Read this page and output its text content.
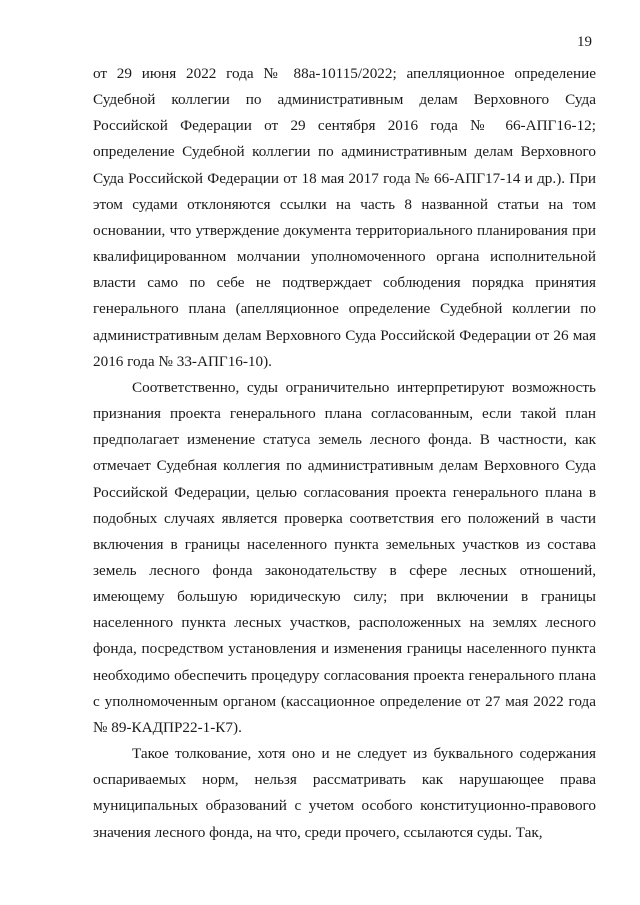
19

от 29 июня 2022 года № 88а-10115/2022; апелляционное определение Судебной коллегии по административным делам Верховного Суда Российской Федерации от 29 сентября 2016 года № 66-АПГ16-12; определение Судебной коллегии по административным делам Верховного Суда Российской Федерации от 18 мая 2017 года № 66-АПГ17-14 и др.). При этом судами отклоняются ссылки на часть 8 названной статьи на том основании, что утверждение документа территориального планирования при квалифицированном молчании уполномоченного органа исполнительной власти само по себе не подтверждает соблюдения порядка принятия генерального плана (апелляционное определение Судебной коллегии по административным делам Верховного Суда Российской Федерации от 26 мая 2016 года № 33-АПГ16-10).

Соответственно, суды ограничительно интерпретируют возможность признания проекта генерального плана согласованным, если такой план предполагает изменение статуса земель лесного фонда. В частности, как отмечает Судебная коллегия по административным делам Верховного Суда Российской Федерации, целью согласования проекта генерального плана в подобных случаях является проверка соответствия его положений в части включения в границы населенного пункта земельных участков из состава земель лесного фонда законодательству в сфере лесных отношений, имеющему большую юридическую силу; при включении в границы населенного пункта лесных участков, расположенных на землях лесного фонда, посредством установления и изменения границы населенного пункта необходимо обеспечить процедуру согласования проекта генерального плана с уполномоченным органом (кассационное определение от 27 мая 2022 года № 89-КАДПР22-1-К7).

Такое толкование, хотя оно и не следует из буквального содержания оспариваемых норм, нельзя рассматривать как нарушающее права муниципальных образований с учетом особого конституционно-правового значения лесного фонда, на что, среди прочего, ссылаются суды. Так,
